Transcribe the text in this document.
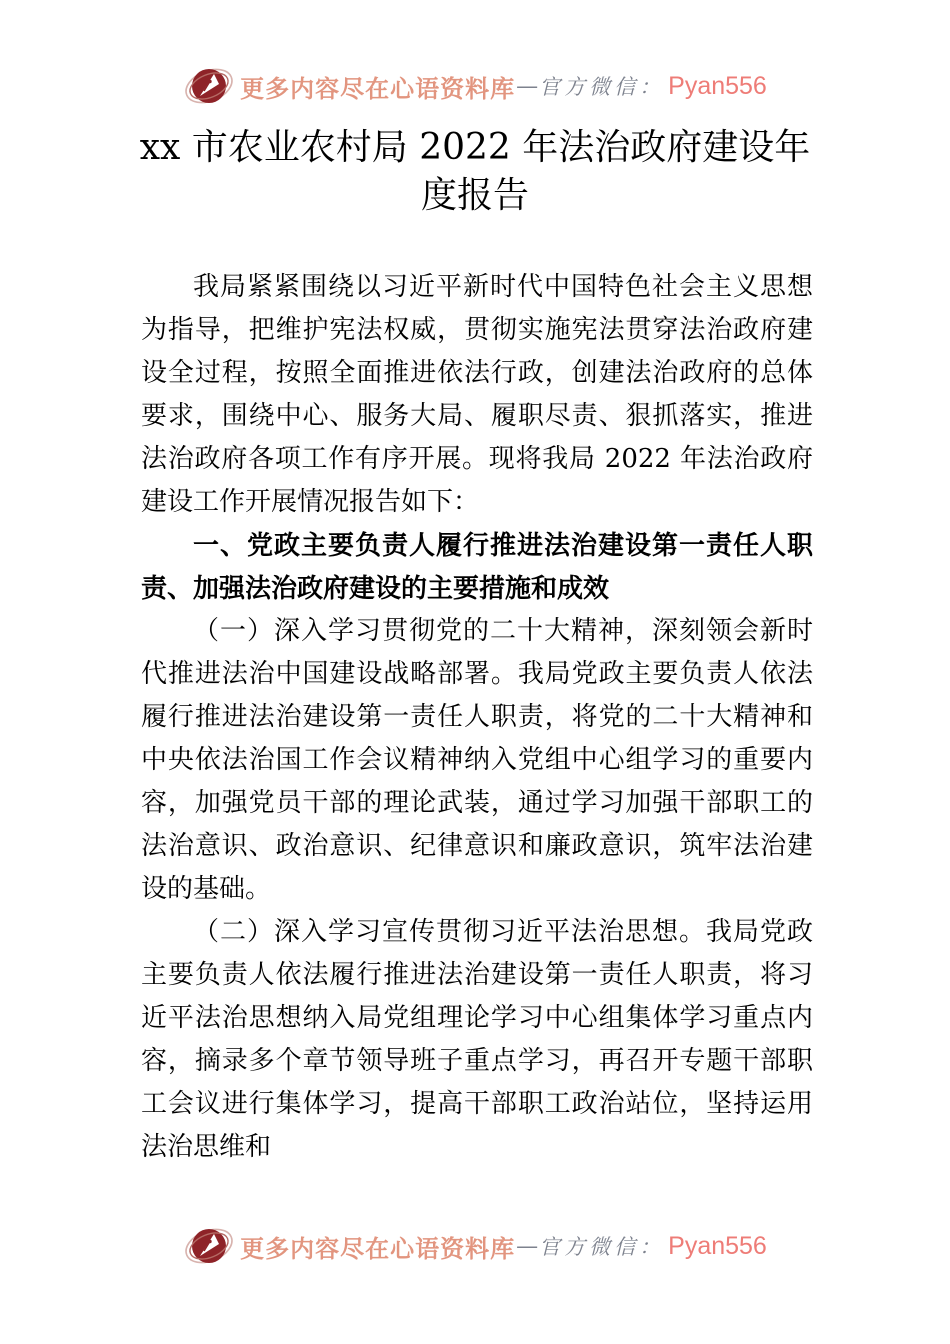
更多内容尽在心语资料库 — 官方微信： Pyan556
xx 市农业农村局 2022 年法治政府建设年度报告

我局紧紧围绕以习近平新时代中国特色社会主义思想为指导，把维护宪法权威，贯彻实施宪法贯穿法治政府建设全过程，按照全面推进依法行政，创建法治政府的总体要求，围绕中心、服务大局、履职尽责、狠抓落实，推进法治政府各项工作有序开展。现将我局 2022 年法治政府建设工作开展情况报告如下：

一、党政主要负责人履行推进法治建设第一责任人职责、加强法治政府建设的主要措施和成效

（一）深入学习贯彻党的二十大精神，深刻领会新时代推进法治中国建设战略部署。我局党政主要负责人依法履行推进法治建设第一责任人职责，将党的二十大精神和中央依法治国工作会议精神纳入党组中心组学习的重要内容，加强党员干部的理论武装，通过学习加强干部职工的法治意识、政治意识、纪律意识和廉政意识，筑牢法治建设的基础。

（二）深入学习宣传贯彻习近平法治思想。我局党政主要负责人依法履行推进法治建设第一责任人职责，将习近平法治思想纳入局党组理论学习中心组集体学习重点内容，摘录多个章节领导班子重点学习，再召开专题干部职工会议进行集体学习，提高干部职工政治站位，坚持运用法治思维和

更多内容尽在心语资料库 — 官方微信： Pyan556
